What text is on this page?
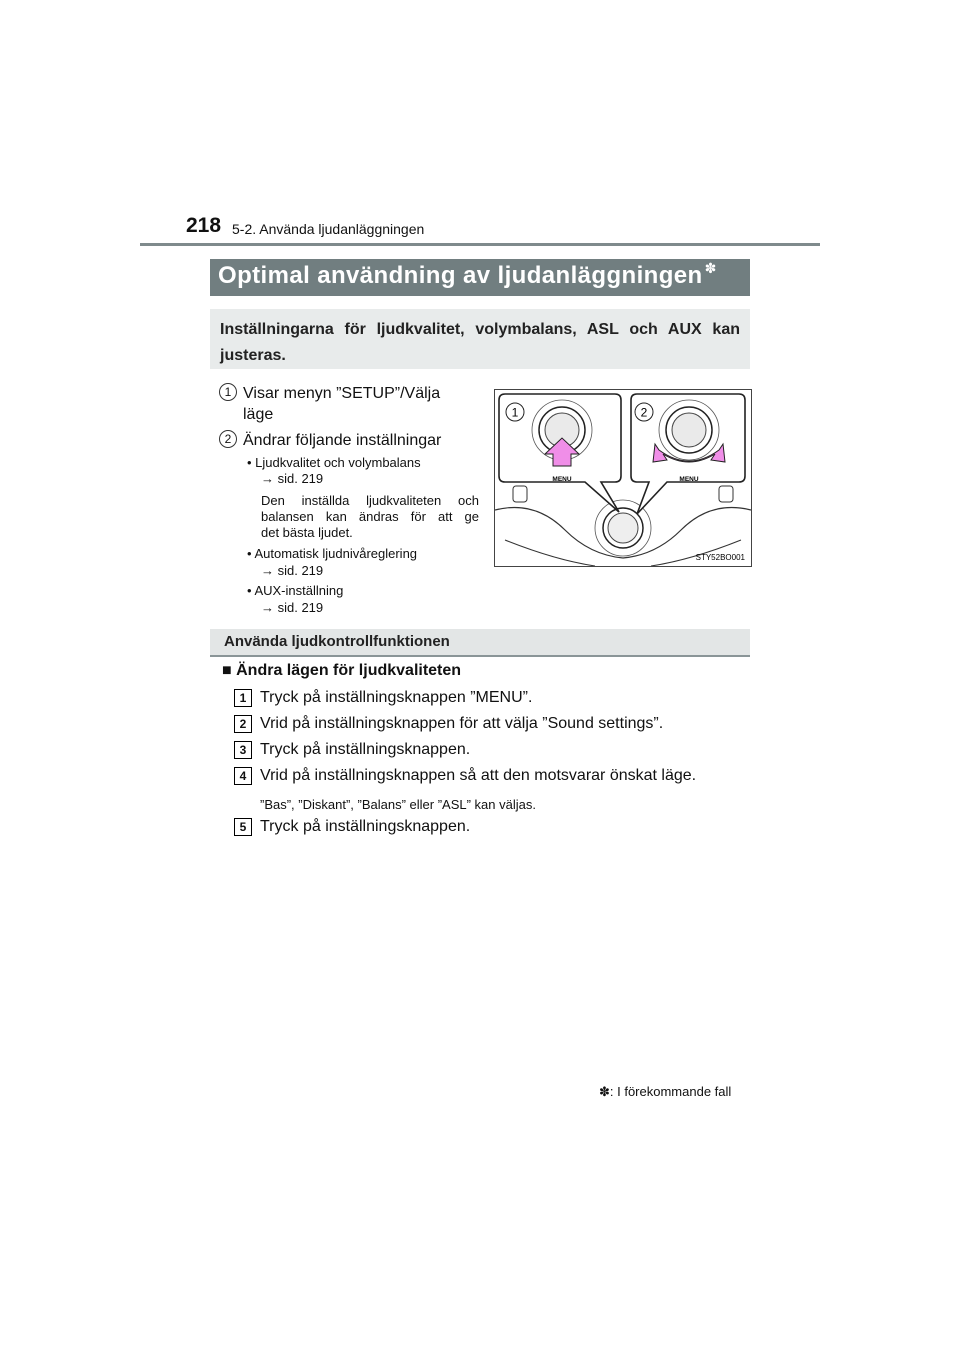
218 5-2. Använda ljudanläggningen
Optimal användning av ljudanläggningen ✽
Inställningarna för ljudkvalitet, volymbalans, ASL och AUX kan justeras.
1 Visar menyn ”SETUP”/Välja
läge
2 Ändrar följande inställningar
• Ljudkvalitet och volymbalans
→ sid. 219
Den inställda ljudkvaliteten och
balansen kan ändras för att ge
det bästa ljudet.
• Automatisk ljudnivåreglering
→ sid. 219
• AUX-inställning
→ sid. 219
1	2
MENU	MENU
STY52BO001
Använda ljudkontrollfunktionen
■ Ändra lägen för ljudkvaliteten
1 Tryck på inställningsknappen ”MENU”.
2 Vrid på inställningsknappen för att välja ”Sound settings”.
3 Tryck på inställningsknappen.
4 Vrid på inställningsknappen så att den motsvarar önskat läge.
”Bas”, ”Diskant”, ”Balans” eller ”ASL” kan väljas.
5 Tryck på inställningsknappen.
✽: I förekommande fall
